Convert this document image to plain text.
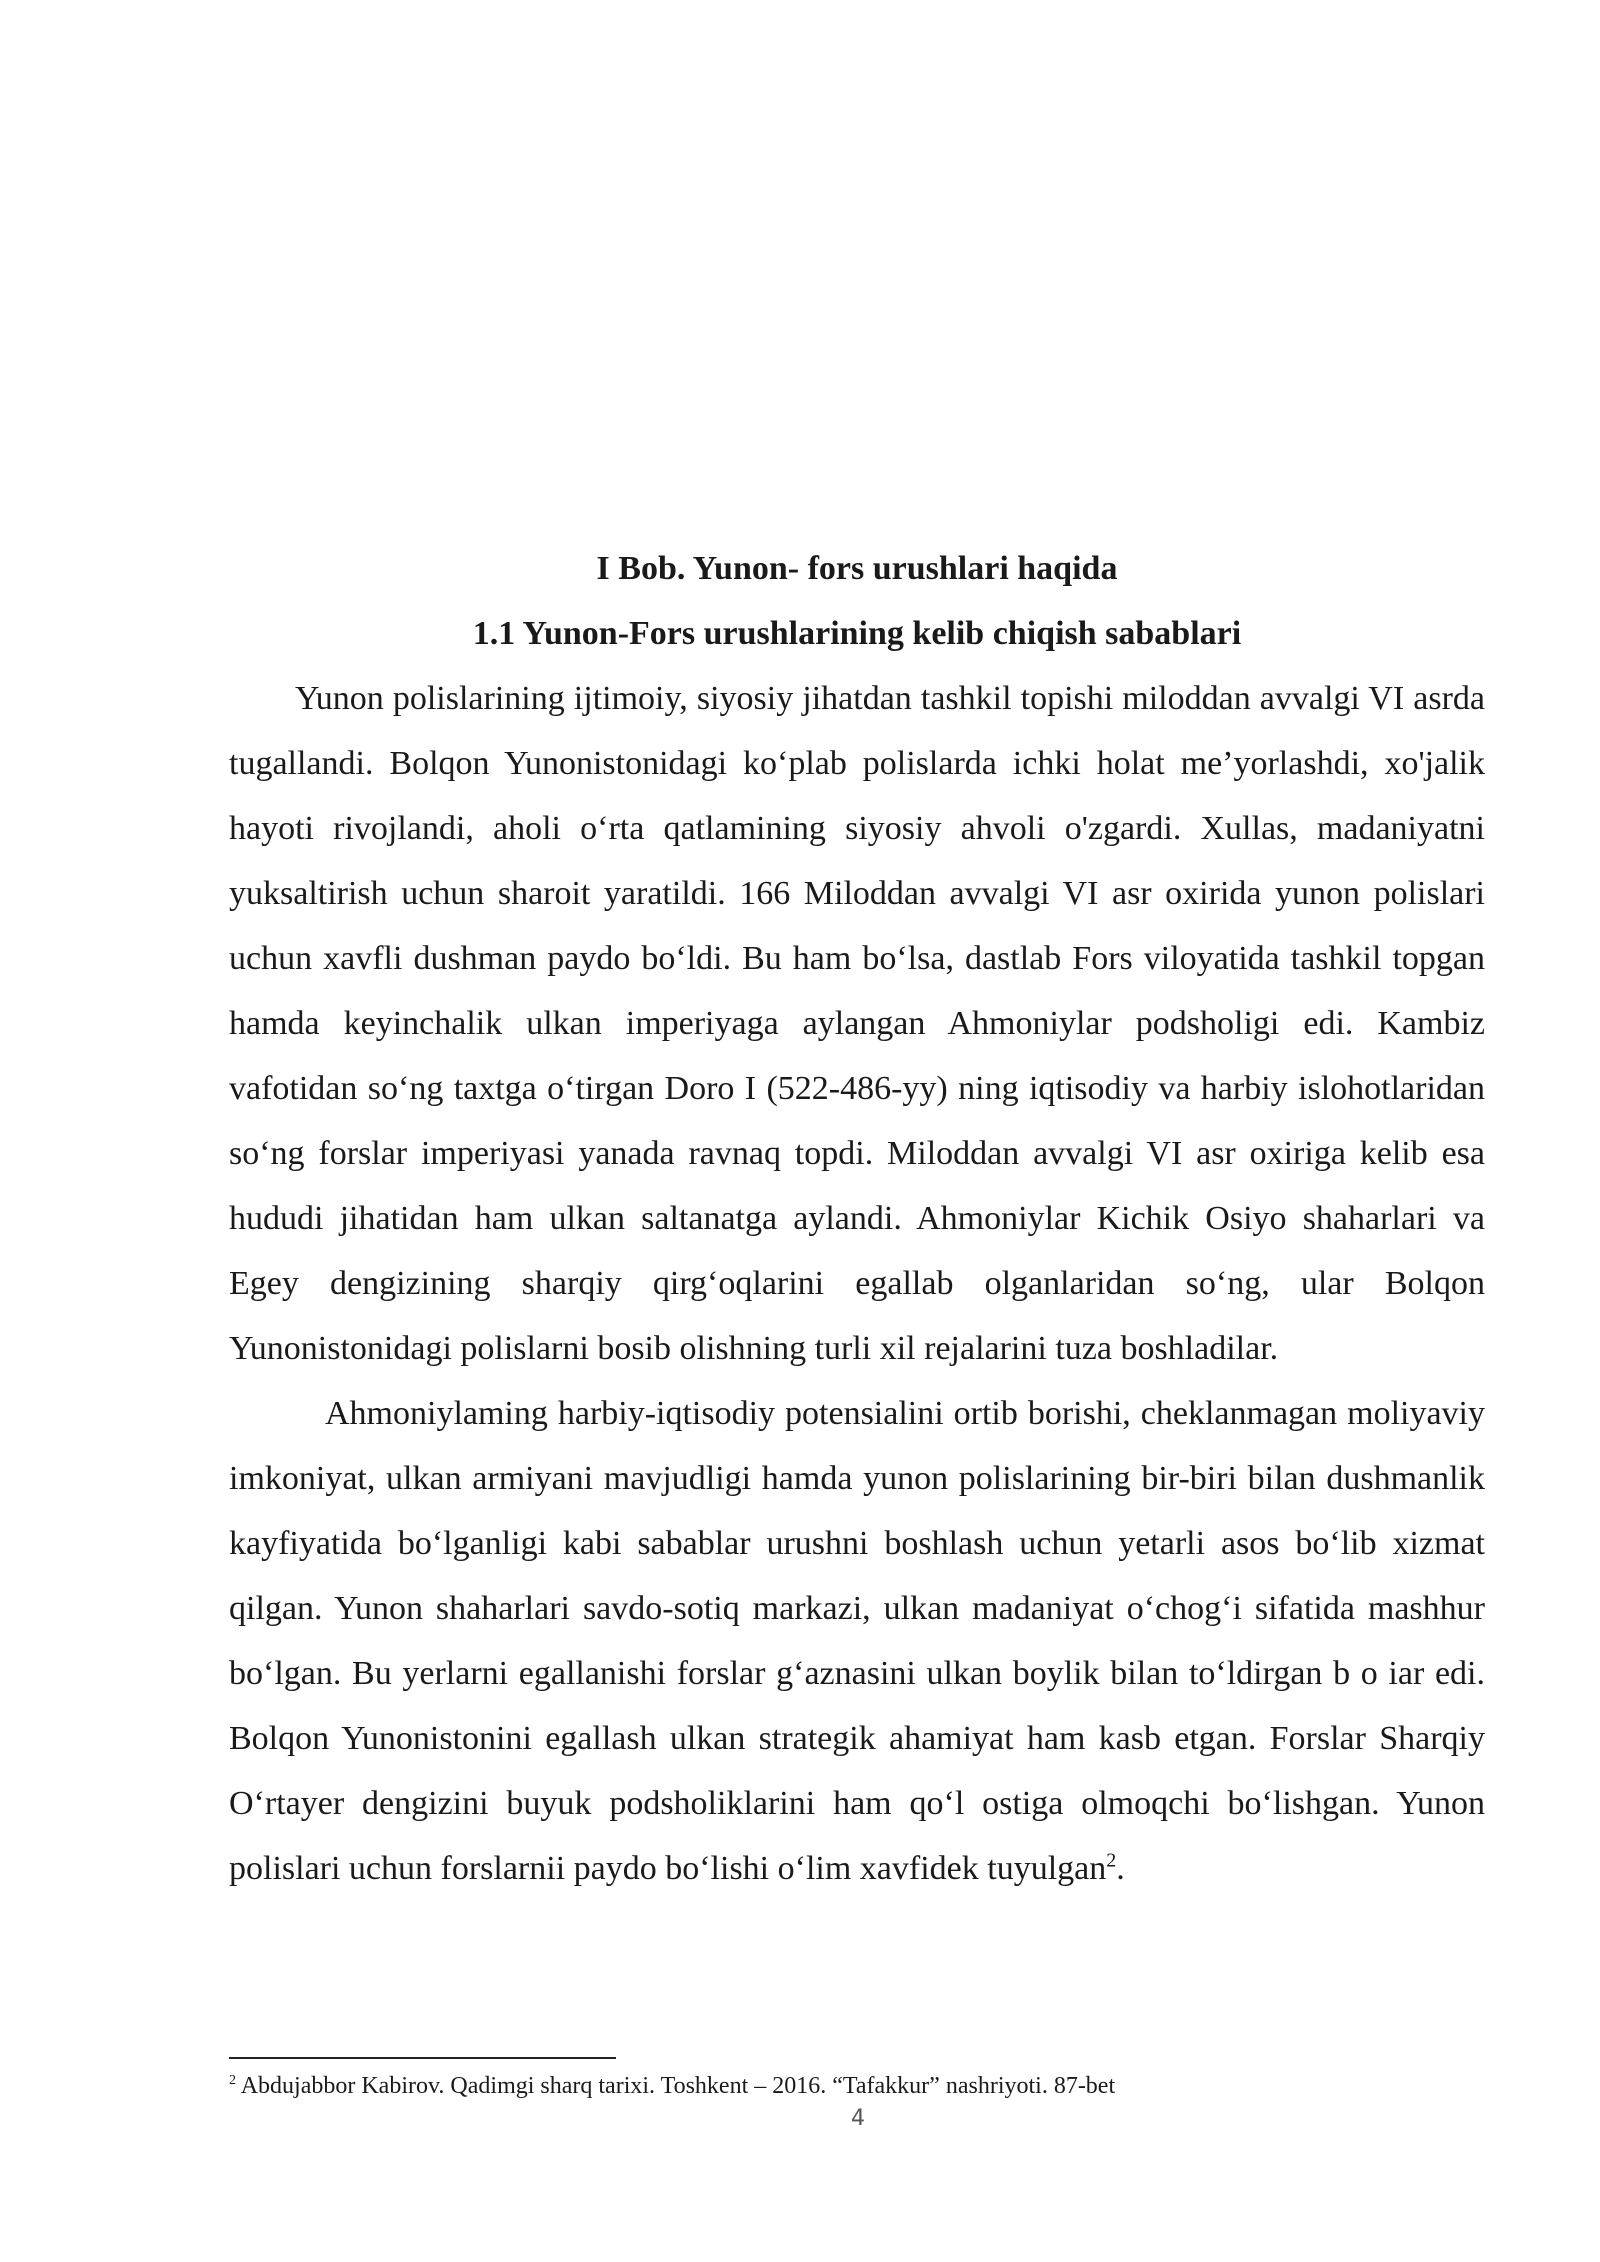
I Bob. Yunon- fors urushlari haqida
1.1 Yunon-Fors urushlarining kelib chiqish sabablari

Yunon polislarining ijtimoiy, siyosiy jihatdan tashkil topishi miloddan avvalgi VI asrda tugallandi. Bolqon Yunonistonidagi ko‘plab polislarda ichki holat me’yorlashdi, xo'jalik hayoti rivojlandi, aholi o‘rta qatlamining siyosiy ahvoli o'zgardi. Xullas, madaniyatni yuksaltirish uchun sharoit yaratildi. 166 Miloddan avvalgi VI asr oxirida yunon polislari uchun xavfli dushman paydo bo‘ldi. Bu ham bo‘lsa, dastlab Fors viloyatida tashkil topgan hamda keyinchalik ulkan imperiyaga aylangan Ahmoniylar podsholigi edi. Kambiz vafotidan so‘ng taxtga o‘tirgan Doro I (522-486-yy) ning iqtisodiy va harbiy islohotlaridan so‘ng forslar imperiyasi yanada ravnaq topdi. Miloddan avvalgi VI asr oxiriga kelib esa hududi jihatidan ham ulkan saltanatga aylandi. Ahmoniylar Kichik Osiyo shaharlari va Egey dengizining sharqiy qirg‘oqlarini egallab olganlaridan so‘ng, ular Bolqon Yunonistonidagi polislarni bosib olishning turli xil rejalarini tuza boshladilar.

Ahmoniylaming harbiy-iqtisodiy potensialini ortib borishi, cheklanmagan moliyaviy imkoniyat, ulkan armiyani mavjudligi hamda yunon polislarining bir-biri bilan dushmanlik kayfiyatida bo‘lganligi kabi sabablar urushni boshlash uchun yetarli asos bo‘lib xizmat qilgan. Yunon shaharlari savdo-sotiq markazi, ulkan madaniyat o‘chog‘i sifatida mashhur bo‘lgan. Bu yerlarni egallanishi forslar g‘aznasini ulkan boylik bilan to‘ldirgan b o iar edi. Bolqon Yunonistonini egallash ulkan strategik ahamiyat ham kasb etgan. Forslar Sharqiy O‘rtayer dengizini buyuk podsholiklarini ham qo‘l ostiga olmoqchi bo‘lishgan. Yunon polislari uchun forslarnii paydo bo‘lishi o‘lim xavfidek tuyulgan$^2$.

$^2$ Abdujabbor Kabirov. Qadimgi sharq tarixi. Toshkent – 2016. “Tafakkur” nashriyoti. 87-bet

4
